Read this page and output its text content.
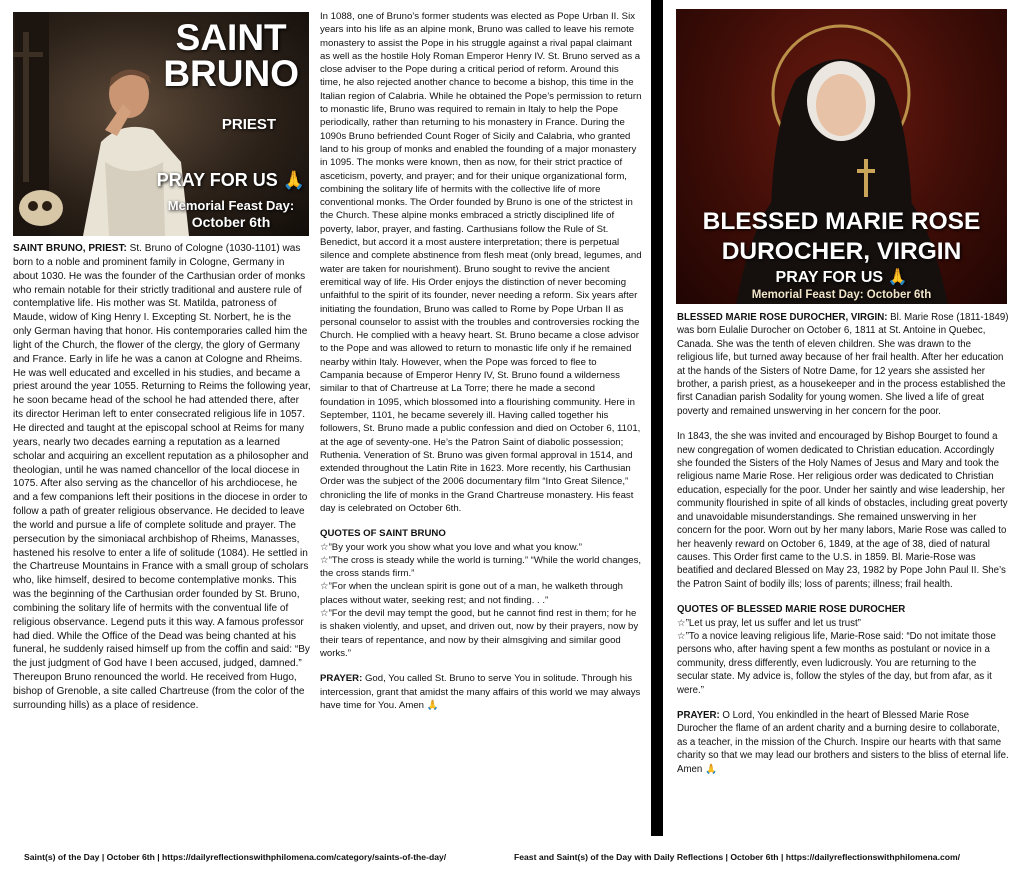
SAINT
BRUNO
PRIEST
PRAY FOR US 🙏
Memorial Feast Day:
October 6th

SAINT BRUNO, PRIEST: St. Bruno of Cologne (1030-1101) was born to a noble and prominent family in Cologne, Germany in about 1030. He was the founder of the Carthusian order of monks who remain notable for their strictly traditional and austere rule of contemplative life. His mother was St. Matilda, patroness of Maude, widow of King Henry I. Excepting St. Norbert, he is the only German having that honor. His contemporaries called him the light of the Church, the flower of the clergy, the glory of Germany and France. Early in life he was a canon at Cologne and Rheims. He was well educated and excelled in his studies, and became a priest around the year 1055. Returning to Reims the following year, he soon became head of the school he had attended there, after its director Heriman left to enter consecrated religious life in 1057. He directed and taught at the episcopal school at Reims for many years, nearly two decades earning a reputation as a learned scholar and acquiring an excellent reputation as a philosopher and theologian, until he was named chancellor of the local diocese in 1075. After also serving as the chancellor of his archdiocese, he and a few companions left their positions in the diocese in order to follow a path of greater religious observance. He decided to leave the world and pursue a life of complete solitude and prayer. The persecution by the simoniacal archbishop of Rheims, Manasses, hastened his resolve to enter a life of solitude (1084). He settled in the Chartreuse Mountains in France with a small group of scholars who, like himself, desired to become contemplative monks. This was the beginning of the Carthusian order founded by St. Bruno, combining the solitary life of hermits with the conventual life of religious observance. Legend puts it this way. A famous professor had died. While the Office of the Dead was being chanted at his funeral, he suddenly raised himself up from the coffin and said: “By the just judgment of God have I been accused, judged, damned.” Thereupon Bruno renounced the world. He received from Hugo, bishop of Grenoble, a site called Chartreuse (from the color of the surrounding hills) as a place of residence.

In 1088, one of Bruno’s former students was elected as Pope Urban II. Six years into his life as an alpine monk, Bruno was called to leave his remote monastery to assist the Pope in his struggle against a rival papal claimant as well as the hostile Holy Roman Emperor Henry IV. St. Bruno served as a close adviser to the Pope during a critical period of reform. Around this time, he also rejected another chance to become a bishop, this time in the Italian region of Calabria. While he obtained the Pope’s permission to return to monastic life, Bruno was required to remain in Italy to help the Pope periodically, rather than returning to his monastery in France. During the 1090s Bruno befriended Count Roger of Sicily and Calabria, who granted land to his group of monks and enabled the founding of a major monastery in 1095. The monks were known, then as now, for their strict practice of asceticism, poverty, and prayer; and for their unique organizational form, combining the solitary life of hermits with the collective life of more conventional monks. The Order founded by Bruno is one of the strictest in the Church. These alpine monks embraced a strictly disciplined life of poverty, labor, prayer, and fasting. Carthusians follow the Rule of St. Benedict, but accord it a most austere interpretation; there is perpetual silence and complete abstinence from flesh meat (only bread, legumes, and water are taken for nourishment). Bruno sought to revive the ancient eremitical way of life. His Order enjoys the distinction of never becoming unfaithful to the spirit of its founder, never needing a reform. Six years after initiating the foundation, Bruno was called to Rome by Pope Urban II as personal counselor to assist with the troubles and controversies rocking the Church. He complied with a heavy heart. St. Bruno became a close advisor to the Pope and was allowed to return to monastic life only if he remained nearby within Italy. However, when the Pope was forced to flee to Campania because of Emperor Henry IV, St. Bruno found a wilderness similar to that of Chartreuse at La Torre; there he made a second foundation in 1095, which blossomed into a flourishing community. Here in September, 1101, he became severely ill. Having called together his followers, St. Bruno made a public confession and died on October 6, 1101, at the age of seventy-one. He’s the Patron Saint of diabolic possession; Ruthenia. Veneration of St. Bruno was given formal approval in 1514, and extended throughout the Latin Rite in 1623. More recently, his Carthusian Order was the subject of the 2006 documentary film “Into Great Silence,” chronicling the life of monks in the Grand Chartreuse monastery. His feast day is celebrated on October 6th.

QUOTES OF SAINT BRUNO

☆ ”By your work you show what you love and what you know.”

☆ ”The cross is steady while the world is turning.” “While the world changes, the cross stands firm.”

☆ ”For when the unclean spirit is gone out of a man, he walketh through places without water, seeking rest; and not finding. . .”

☆ ”For the devil may tempt the good, but he cannot find rest in them; for he is shaken violently, and upset, and driven out, now by their prayers, now by their tears of repentance, and now by their almsgiving and similar good works.”

PRAYER: God, You called St. Bruno to serve You in solitude. Through his intercession, grant that amidst the many affairs of this world we may always have time for You. Amen 🙏

BLESSED MARIE ROSE
DUROCHER, VIRGIN
PRAY FOR US 🙏
Memorial Feast Day: October 6th

BLESSED MARIE ROSE DUROCHER, VIRGIN: Bl. Marie Rose (1811-1849) was born Eulalie Durocher on October 6, 1811 at St. Antoine in Quebec, Canada. She was the tenth of eleven children. She was drawn to the religious life, but turned away because of her frail health. After her education at the hands of the Sisters of Notre Dame, for 12 years she assisted her brother, a parish priest, as a housekeeper and in the process established the first Canadian parish Sodality for young women. She lived a life of great poverty and remained unswerving in her concern for the poor.

In 1843, the she was invited and encouraged by Bishop Bourget to found a new congregation of women dedicated to Christian education. Accordingly she founded the Sisters of the Holy Names of Jesus and Mary and took the religious name Marie Rose. Her religious order was dedicated to Christian education, especially for the poor. Under her saintly and wise leadership, her community flourished in spite of all kinds of obstacles, including great poverty and unavoidable misunderstandings. She remained unswerving in her concern for the poor. Worn out by her many labors, Marie Rose was called to her heavenly reward on October 6, 1849, at the age of 38, died of natural causes. This Order first came to the U.S. in 1859. Bl. Marie-Rose was beatified and declared Blessed on May 23, 1982 by Pope John Paul II. She’s the Patron Saint of bodily ills; loss of parents; illness; frail health.

QUOTES OF BLESSED MARIE ROSE DUROCHER

☆ ”Let us pray, let us suffer and let us trust”

☆ ”To a novice leaving religious life, Marie-Rose said: “Do not imitate those persons who, after having spent a few months as postulant or novice in a community, dress differently, even ludicrously. You are returning to the secular state. My advice is, follow the styles of the day, but from afar, as it were.”

PRAYER: O Lord, You enkindled in the heart of Blessed Marie Rose Durocher the flame of an ardent charity and a burning desire to collaborate, as a teacher, in the mission of the Church. Inspire our hearts with that same charity so that we may lead our brothers and sisters to the bliss of eternal life. Amen 🙏

Saint(s) of the Day | October 6th | https://dailyreflectionswithphilomena.com/category/saints-of-the-day/	Feast and Saint(s) of the Day with Daily Reflections | October 6th | https://dailyreflectionswithphilomena.com/
